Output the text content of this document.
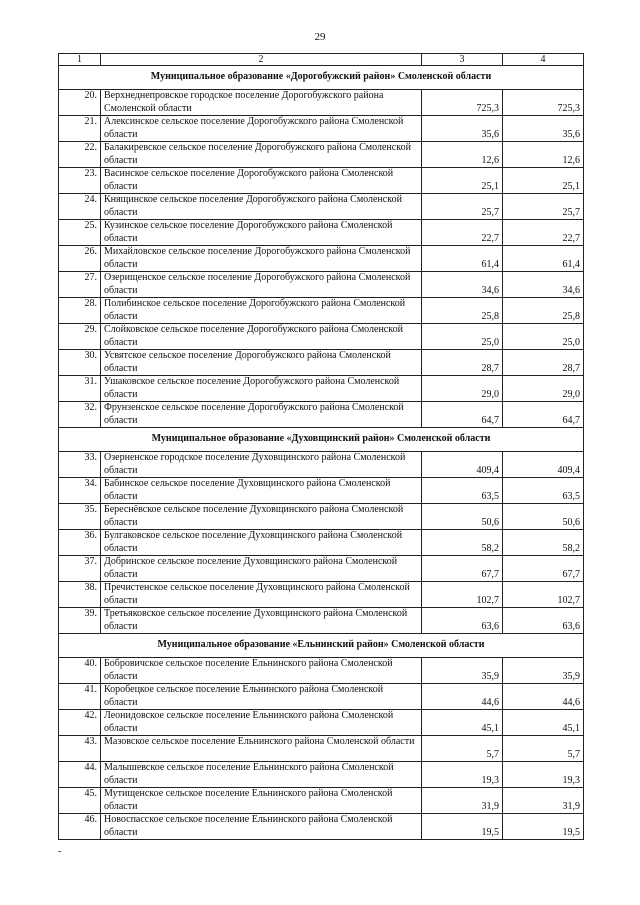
29
1	2	3	4
Муниципальное образование «Дорогобужский район» Смоленской области			
20.	Верхнеднепровское городское поселение Дорогобужского района Смоленской области	725,3	725,3
21.	Алексинское сельское поселение Дорогобужского района Смоленской области	35,6	35,6
22.	Балакиревское сельское поселение Дорогобужского района Смоленской области	12,6	12,6
23.	Васинское сельское поселение Дорогобужского района Смоленской области	25,1	25,1
24.	Княщинское сельское поселение Дорогобужского района Смоленской области	25,7	25,7
25.	Кузинское сельское поселение Дорогобужского района Смоленской области	22,7	22,7
26.	Михайловское сельское поселение Дорогобужского района Смоленской области	61,4	61,4
27.	Озерищенское сельское поселение Дорогобужского района Смоленской области	34,6	34,6
28.	Полибинское сельское поселение Дорогобужского района Смоленской области	25,8	25,8
29.	Слойковское сельское поселение Дорогобужского района Смоленской области	25,0	25,0
30.	Усвятское сельское поселение Дорогобужского района Смоленской области	28,7	28,7
31.	Ушаковское сельское поселение Дорогобужского района Смоленской области	29,0	29,0
32.	Фрунзенское сельское поселение Дорогобужского района Смоленской области	64,7	64,7
Муниципальное образование «Духовщинский район» Смоленской области			
33.	Озерненское городское поселение Духовщинского района Смоленской области	409,4	409,4
34.	Бабинское сельское поселение Духовщинского района Смоленской области	63,5	63,5
35.	Береснёвское сельское поселение Духовщинского района Смоленской области	50,6	50,6
36.	Булгаковское сельское поселение Духовщинского района Смоленской области	58,2	58,2
37.	Добринское сельское поселение Духовщинского района Смоленской области	67,7	67,7
38.	Пречистенское сельское поселение Духовщинского района Смоленской области	102,7	102,7
39.	Третьяковское сельское поселение Духовщинского района Смоленской области	63,6	63,6
Муниципальное образование «Ельнинский район» Смоленской области			
40.	Бобровичское сельское поселение Ельнинского района Смоленской области	35,9	35,9
41.	Коробецкое сельское поселение Ельнинского района Смоленской области	44,6	44,6
42.	Леонидовское сельское поселение Ельнинского района Смоленской области	45,1	45,1
43.	Мазовское сельское поселение Ельнинского района Смоленской области	5,7	5,7
44.	Малышевское сельское поселение Ельнинского района Смоленской области	19,3	19,3
45.	Мутищенское сельское поселение Ельнинского района Смоленской области	31,9	31,9
46.	Новоспасское сельское поселение Ельнинского района Смоленской области	19,5	19,5
-
